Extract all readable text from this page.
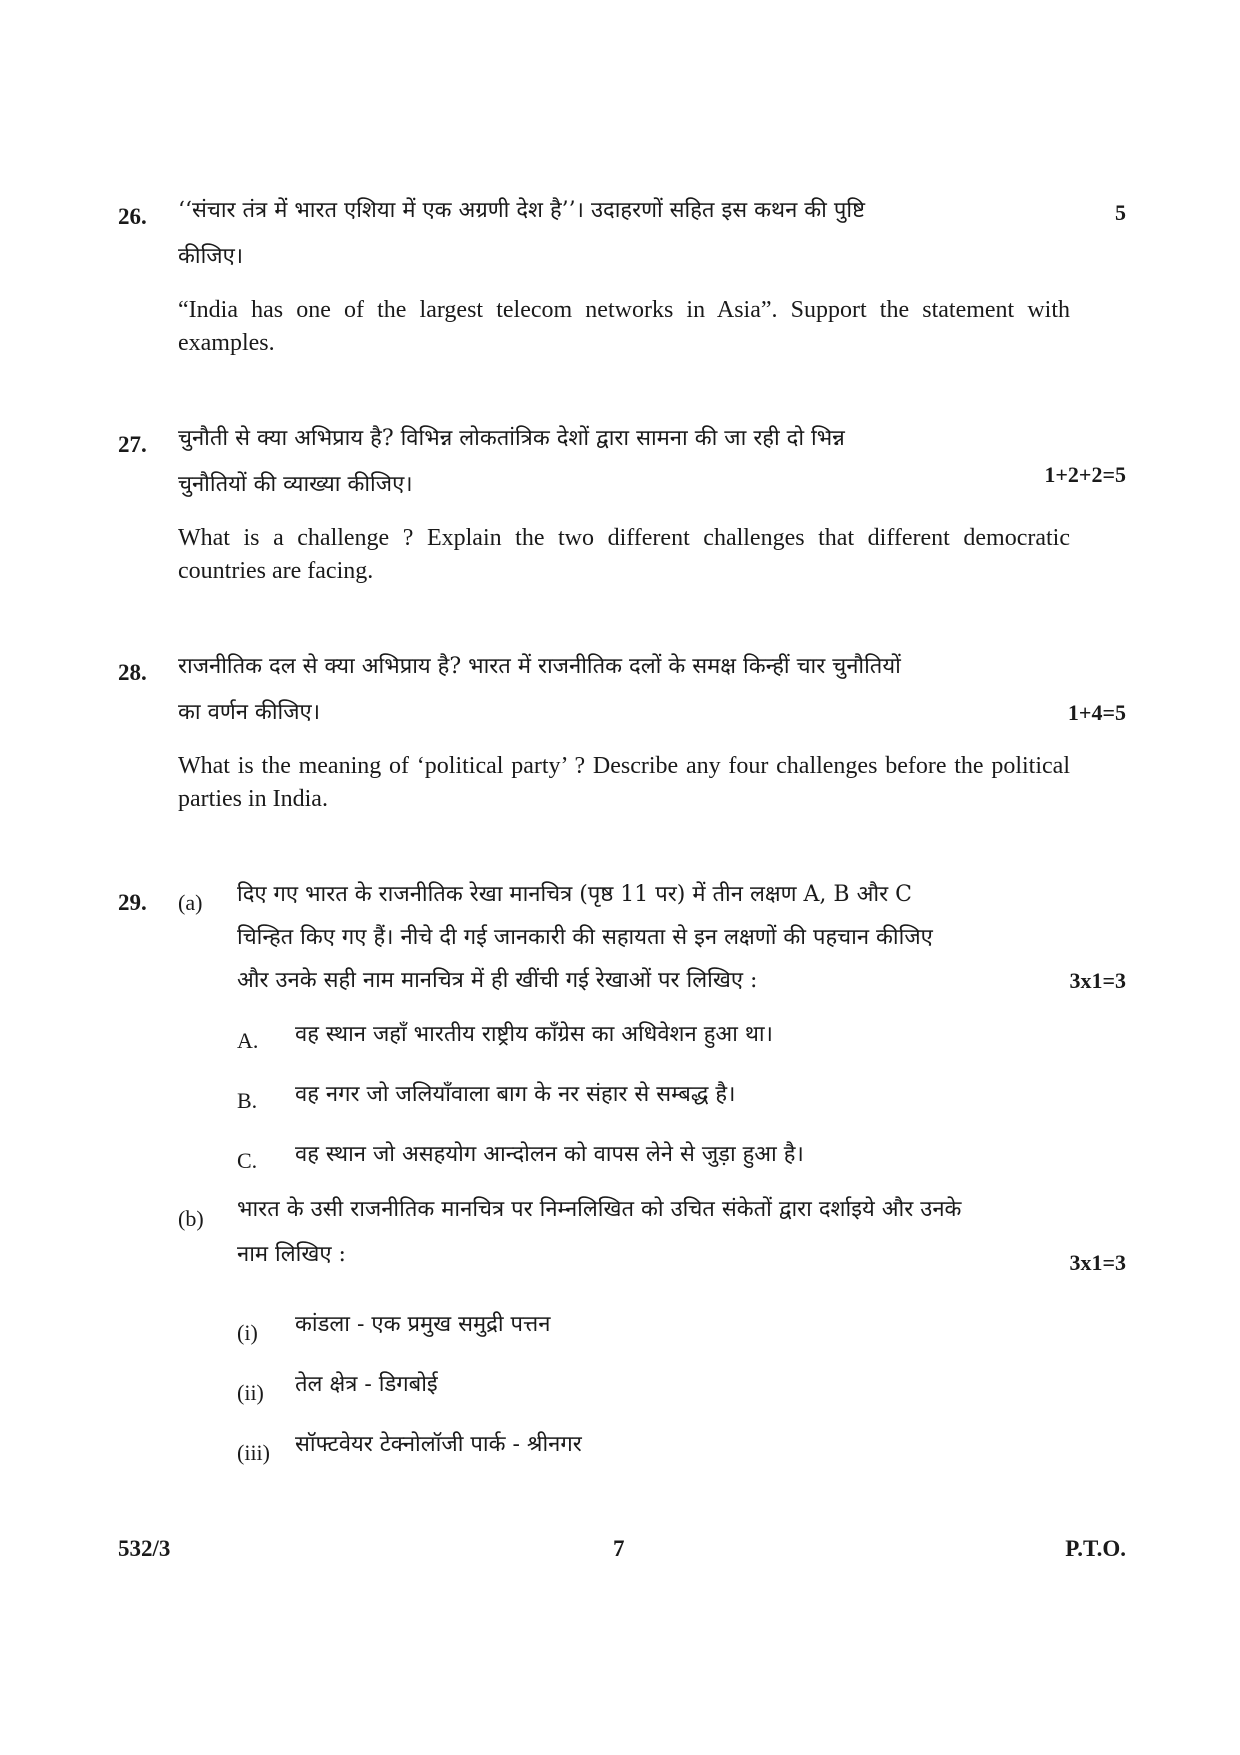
26. ‘‘संचार तंत्र में भारत एशिया में एक अग्रणी देश है’’। उदाहरणों सहित इस कथन की पुष्टि	5
कीजिए।
“India has one of the largest telecom networks in Asia”. Support the statement with examples.
27. चुनौती से क्या अभिप्राय है? विभिन्न लोकतांत्रिक देशों द्वारा सामना की जा रही दो भिन्न
चुनौतियों की व्याख्या कीजिए।	1+2+2=5
What is a challenge ? Explain the two different challenges that different democratic countries are facing.
28. राजनीतिक दल से क्या अभिप्राय है? भारत में राजनीतिक दलों के समक्ष किन्हीं चार चुनौतियों
का वर्णन कीजिए।	1+4=5
What is the meaning of ‘political party’ ? Describe any four challenges before the political parties in India.
29. (a) दिए गए भारत के राजनीतिक रेखा मानचित्र (पृष्ठ 11 पर) में तीन लक्षण A, B और C
चिन्हित किए गए हैं। नीचे दी गई जानकारी की सहायता से इन लक्षणों की पहचान कीजिए
और उनके सही नाम मानचित्र में ही खींची गई रेखाओं पर लिखिए :	3x1=3
A. वह स्थान जहाँ भारतीय राष्ट्रीय काँग्रेस का अधिवेशन हुआ था।
B. वह नगर जो जलियाँवाला बाग के नर संहार से सम्बद्ध है।
C. वह स्थान जो असहयोग आन्दोलन को वापस लेने से जुड़ा हुआ है।
(b) भारत के उसी राजनीतिक मानचित्र पर निम्नलिखित को उचित संकेतों द्वारा दर्शाइये और उनके
नाम लिखिए :	3x1=3
(i) कांडला - एक प्रमुख समुद्री पत्तन
(ii) तेल क्षेत्र - डिगबोई
(iii) सॉफ्टवेयर टेक्नोलॉजी पार्क - श्रीनगर
532/3	7	P.T.O.
